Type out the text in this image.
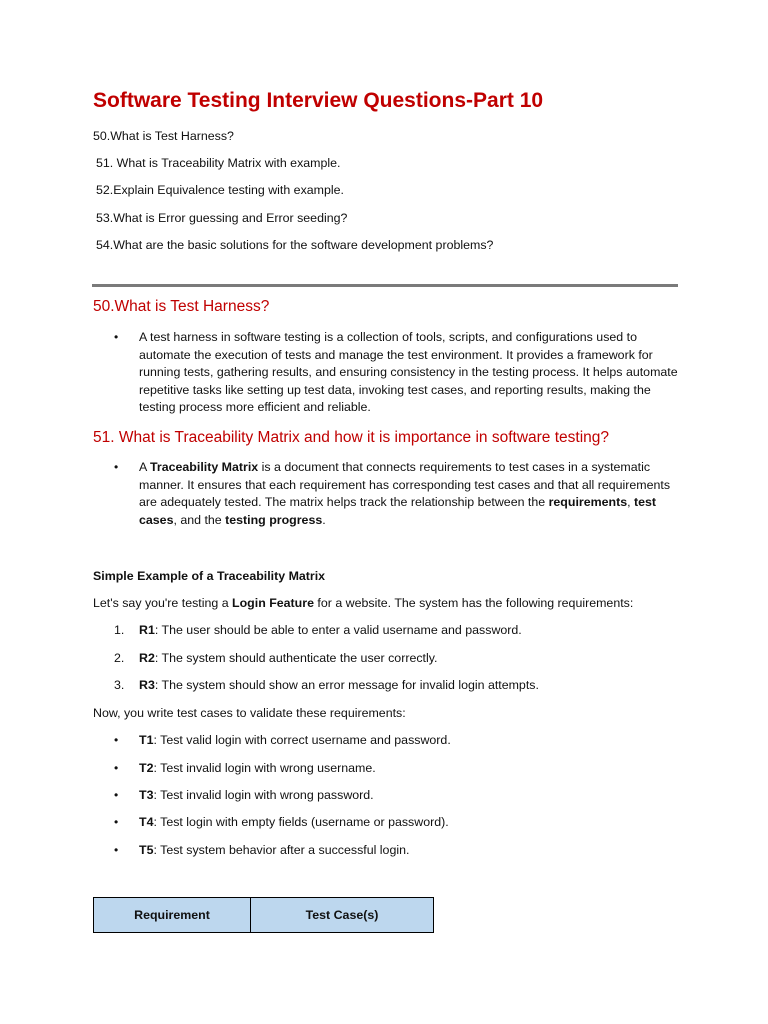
Software Testing Interview Questions-Part 10

50.What is Test Harness?

51. What is Traceability Matrix with example.

52.Explain Equivalence testing with example.

53.What is Error guessing and Error seeding?

54.What are the basic solutions for the software development problems?

50.What is Test Harness?
• A test harness in software testing is a collection of tools, scripts, and configurations used to automate the execution of tests and manage the test environment. It provides a framework for running tests, gathering results, and ensuring consistency in the testing process. It helps automate repetitive tasks like setting up test data, invoking test cases, and reporting results, making the testing process more efficient and reliable.

51. What is Traceability Matrix and how it is importance in software testing?
• A Traceability Matrix is a document that connects requirements to test cases in a systematic manner. It ensures that each requirement has corresponding test cases and that all requirements are adequately tested. The matrix helps track the relationship between the requirements, test cases, and the testing progress.

Simple Example of a Traceability Matrix

Let's say you're testing a Login Feature for a website. The system has the following requirements:

1. R1: The user should be able to enter a valid username and password.
2. R2: The system should authenticate the user correctly.
3. R3: The system should show an error message for invalid login attempts.

Now, you write test cases to validate these requirements:

• T1: Test valid login with correct username and password.
• T2: Test invalid login with wrong username.
• T3: Test invalid login with wrong password.
• T4: Test login with empty fields (username or password).
• T5: Test system behavior after a successful login.
Requirement	Test Case(s)
